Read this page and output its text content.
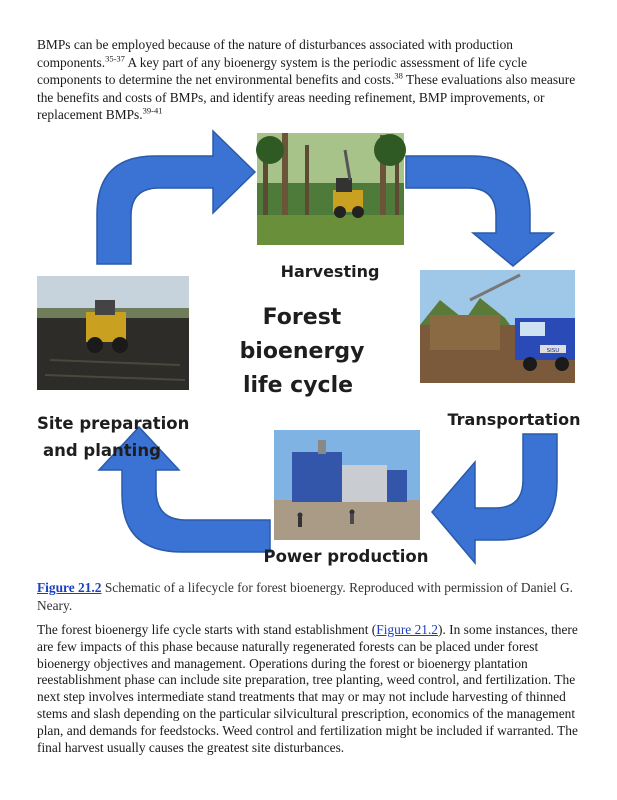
BMPs can be employed because of the nature of disturbances associated with production components.$^{35-37}$ A key part of any bioenergy system is the periodic assessment of life cycle components to determine the net environmental benefits and costs.$^{38}$ These evaluations also measure the benefits and costs of BMPs, and identify areas needing refinement, BMP improvements, or replacement BMPs.$^{39-41}$

SISU
Harvesting
Transportation
Power production
Site preparation
and planting
Forest
bioenergy
life cycle

Figure 21.2 Schematic of a lifecycle for forest bioenergy. Reproduced with permission of Daniel G. Neary.

The forest bioenergy life cycle starts with stand establishment (Figure 21.2). In some instances, there are few impacts of this phase because naturally regenerated forests can be placed under forest bioenergy objectives and management. Operations during the forest or bioenergy plantation reestablishment phase can include site preparation, tree planting, weed control, and fertilization. The next step involves intermediate stand treatments that may or may not include harvesting of thinned stems and slash depending on the particular silvicultural prescription, economics of the management plan, and demands for feedstocks. Weed control and fertilization might be included if warranted. The final harvest usually causes the greatest site disturbances.
